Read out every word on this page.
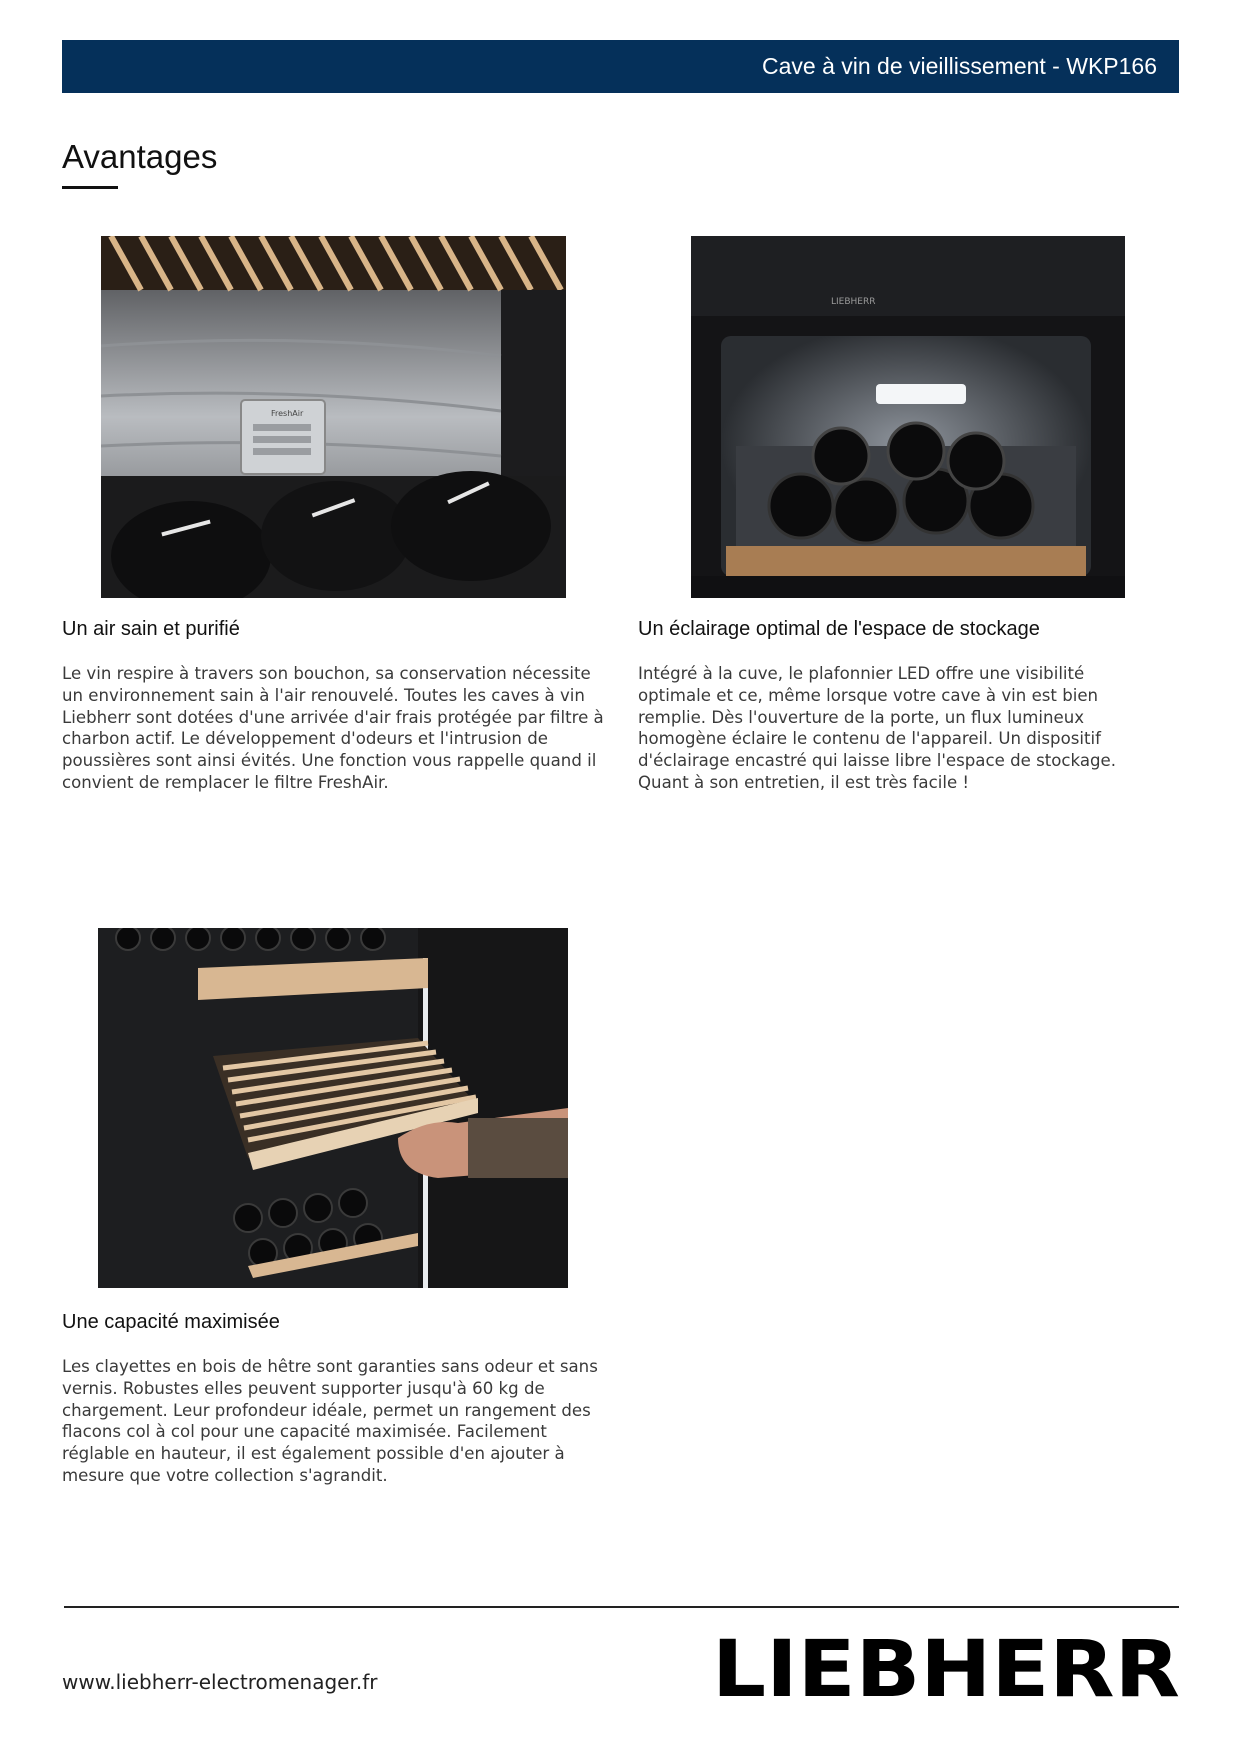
Cave à vin de vieillissement - WKP166
Avantages
FreshAir
LIEBHERR
Un air sain et purifié
Le vin respire à travers son bouchon, sa conservation nécessite un environnement sain à l'air renouvelé. Toutes les caves à vin Liebherr sont dotées d'une arrivée d'air frais protégée par filtre à charbon actif. Le développement d'odeurs et l'intrusion de poussières sont ainsi évités. Une fonction vous rappelle quand il convient de remplacer le filtre FreshAir.
Un éclairage optimal de l'espace de stockage
Intégré à la cuve, le plafonnier LED offre une visibilité optimale et ce, même lorsque votre cave à vin est bien remplie. Dès l'ouverture de la porte, un flux lumineux homogène éclaire le contenu de l'appareil. Un dispositif d'éclairage encastré qui laisse libre l'espace de stockage. Quant à son entretien, il est très facile !
Une capacité maximisée
Les clayettes en bois de hêtre sont garanties sans odeur et sans vernis. Robustes elles peuvent supporter jusqu'à 60 kg de chargement. Leur profondeur idéale, permet un rangement des flacons col à col pour une capacité maximisée. Facilement réglable en hauteur, il est également possible d'en ajouter à mesure que votre collection s'agrandit.
www.liebherr-electromenager.fr	LIEBHERR
